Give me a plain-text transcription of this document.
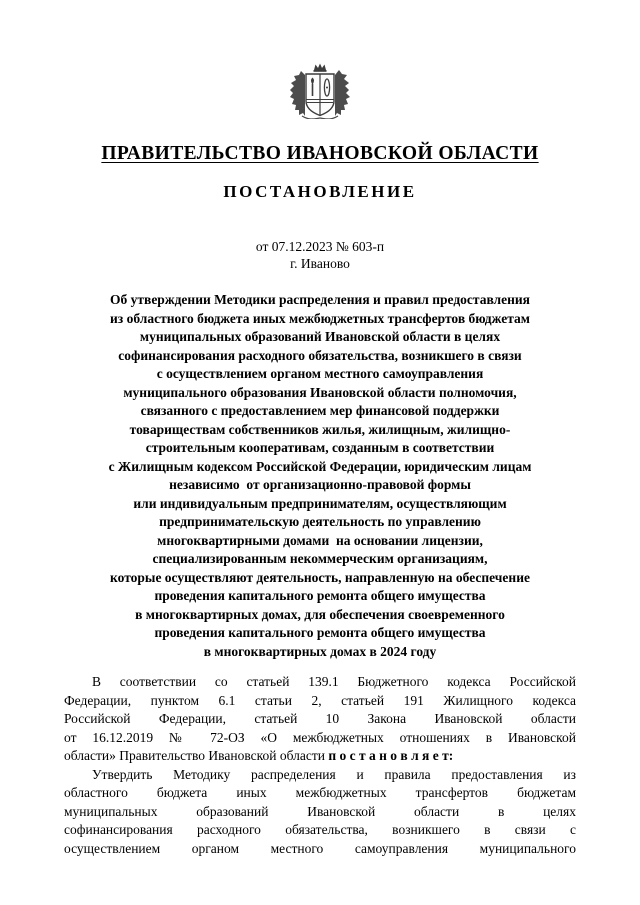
ПРАВИТЕЛЬСТВО ИВАНОВСКОЙ ОБЛАСТИ
ПОСТАНОВЛЕНИЕ
от 07.12.2023 № 603-п
г. Иваново
Об утверждении Методики распределения и правил предоставления
из областного бюджета иных межбюджетных трансфертов бюджетам
муниципальных образований Ивановской области в целях
софинансирования расходного обязательства, возникшего в связи
с осуществлением органом местного самоуправления
муниципального образования Ивановской области полномочия,
связанного с предоставлением мер финансовой поддержки
товариществам собственников жилья, жилищным, жилищно-
строительным кооперативам, созданным в соответствии
с Жилищным кодексом Российской Федерации, юридическим лицам
независимо  от организационно-правовой формы
или индивидуальным предпринимателям, осуществляющим
предпринимательскую деятельность по управлению
многоквартирными домами  на основании лицензии,
специализированным некоммерческим организациям,
которые осуществляют деятельность, направленную на обеспечение
проведения капитального ремонта общего имущества
в многоквартирных домах, для обеспечения своевременного
проведения капитального ремонта общего имущества
в многоквартирных домах в 2024 году
В соответствии со статьей 139.1 Бюджетного кодекса Российской
Федерации, пунктом 6.1 статьи 2, статьей 191 Жилищного кодекса
Российской Федерации, статьей 10 Закона Ивановской области
от 16.12.2019 № 72-ОЗ «О межбюджетных отношениях в Ивановской
области» Правительство Ивановской области п о с т а н о в л я е т:
Утвердить Методику распределения и правила предоставления из
областного бюджета иных межбюджетных трансфертов бюджетам
муниципальных образований Ивановской области в целях
софинансирования расходного обязательства, возникшего в связи с
осуществлением органом местного самоуправления муниципального
